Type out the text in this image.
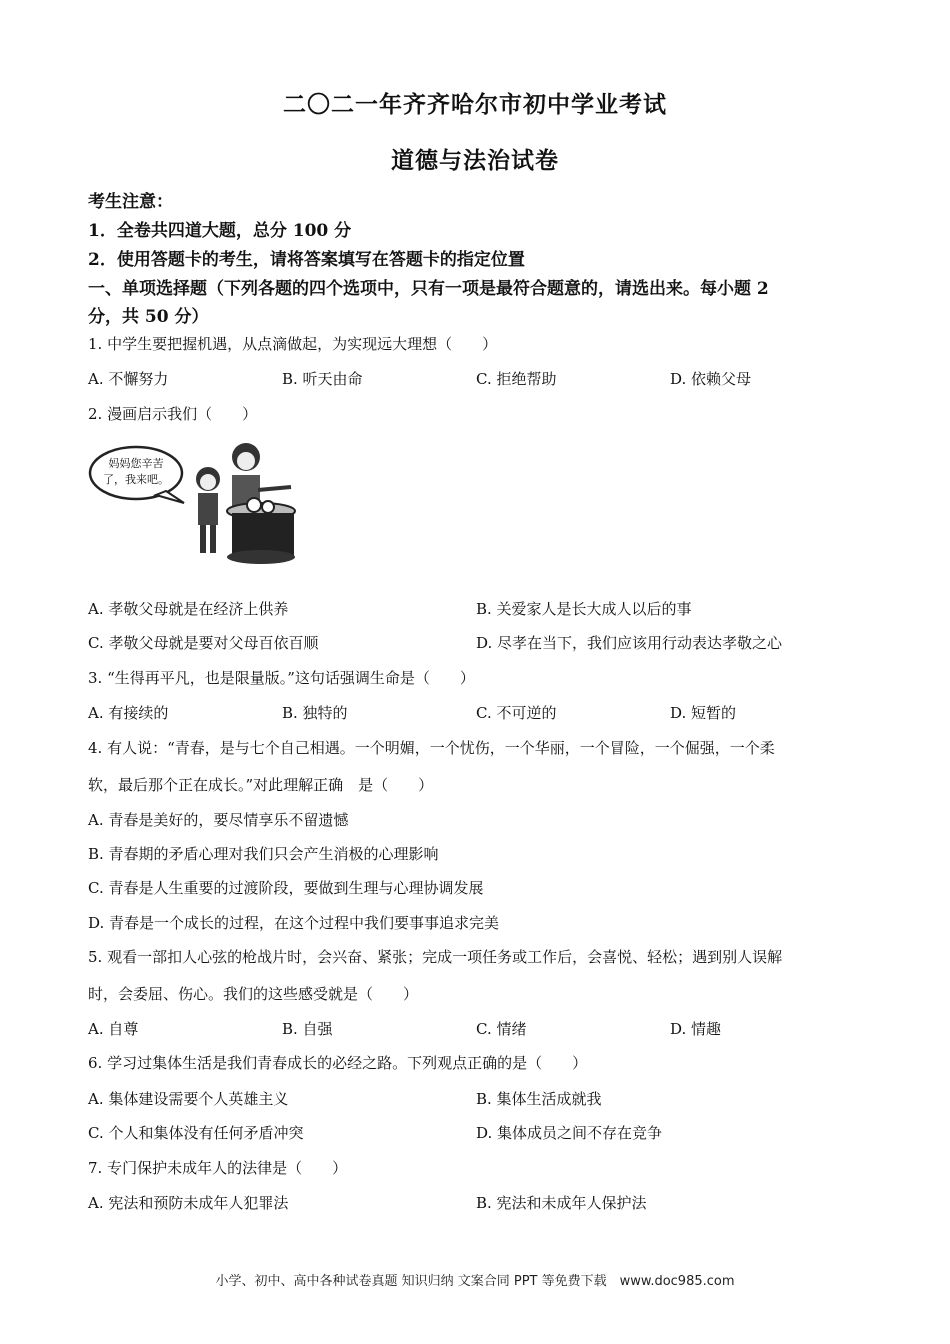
二〇二一年齐齐哈尔市初中学业考试
道德与法治试卷
考生注意：
1．全卷共四道大题，总分 100 分
2．使用答题卡的考生，请将答案填写在答题卡的指定位置
一、单项选择题（下列各题的四个选项中，只有一项是最符合题意的，请选出来。每小题 2
分，共 50 分）
1. 中学生要把握机遇，从点滴做起，为实现远大理想（　　）
A. 不懈努力	B. 听天由命	C. 拒绝帮助	D. 依赖父母
2. 漫画启示我们（　　）
妈妈您辛苦
了，我来吧。
A. 孝敬父母就是在经济上供养	B. 关爱家人是长大成人以后的事
C. 孝敬父母就是要对父母百依百顺	D. 尽孝在当下，我们应该用行动表达孝敬之心
3. “生得再平凡，也是限量版。”这句话强调生命是（　　）
A. 有接续的	B. 独特的	C. 不可逆的	D. 短暂的
4. 有人说：“青春，是与七个自己相遇。一个明媚，一个忧伤，一个华丽，一个冒险，一个倔强，一个柔
软，最后那个正在成长。”对此理解正确　是（　　）
A. 青春是美好的，要尽情享乐不留遗憾
B. 青春期的矛盾心理对我们只会产生消极的心理影响
C. 青春是人生重要的过渡阶段，要做到生理与心理协调发展
D. 青春是一个成长的过程，在这个过程中我们要事事追求完美
5. 观看一部扣人心弦的枪战片时，会兴奋、紧张；完成一项任务或工作后，会喜悦、轻松；遇到别人误解
时，会委屈、伤心。我们的这些感受就是（　　）
A. 自尊	B. 自强	C. 情绪	D. 情趣
6. 学习过集体生活是我们青春成长的必经之路。下列观点正确的是（　　）
A. 集体建设需要个人英雄主义	B. 集体生活成就我
C. 个人和集体没有任何矛盾冲突	D. 集体成员之间不存在竞争
7. 专门保护未成年人的法律是（　　）
A. 宪法和预防未成年人犯罪法	B. 宪法和未成年人保护法
小学、初中、高中各种试卷真题 知识归纳 文案合同 PPT 等免费下载　www.doc985.com
